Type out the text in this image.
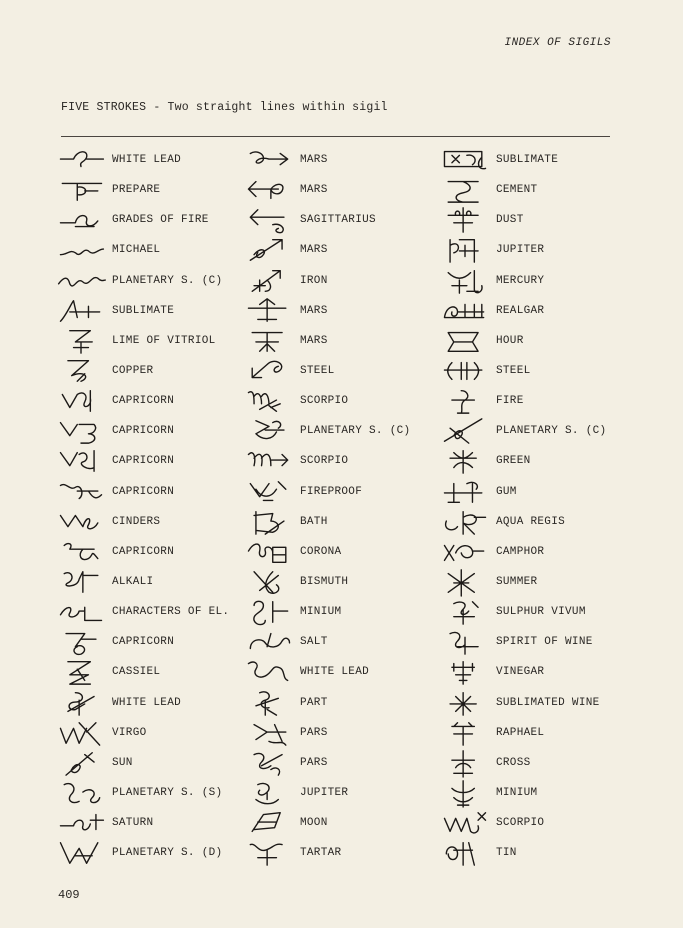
INDEX OF SIGILS
FIVE STROKES - Two straight lines within sigil
WHITE LEAD
PREPARE
GRADES OF FIRE
MICHAEL
PLANETARY S. (C)
SUBLIMATE
LIME OF VITRIOL
COPPER
CAPRICORN
CAPRICORN
CAPRICORN
CAPRICORN
CINDERS
CAPRICORN
ALKALI
CHARACTERS OF EL.
CAPRICORN
CASSIEL
WHITE LEAD
VIRGO
SUN
PLANETARY S. (S)
SATURN
PLANETARY S. (D)
MARS
MARS
SAGITTARIUS
MARS
IRON
MARS
MARS
STEEL
SCORPIO
PLANETARY S. (C)
SCORPIO
FIREPROOF
BATH
CORONA
BISMUTH
MINIUM
SALT
WHITE LEAD
PART
PARS
PARS
JUPITER
MOON
TARTAR
SUBLIMATE
CEMENT
DUST
JUPITER
MERCURY
REALGAR
HOUR
STEEL
FIRE
PLANETARY S. (C)
GREEN
GUM
AQUA REGIS
CAMPHOR
SUMMER
SULPHUR VIVUM
SPIRIT OF WINE
VINEGAR
SUBLIMATED WINE
RAPHAEL
CROSS
MINIUM
SCORPIO
TIN
409
